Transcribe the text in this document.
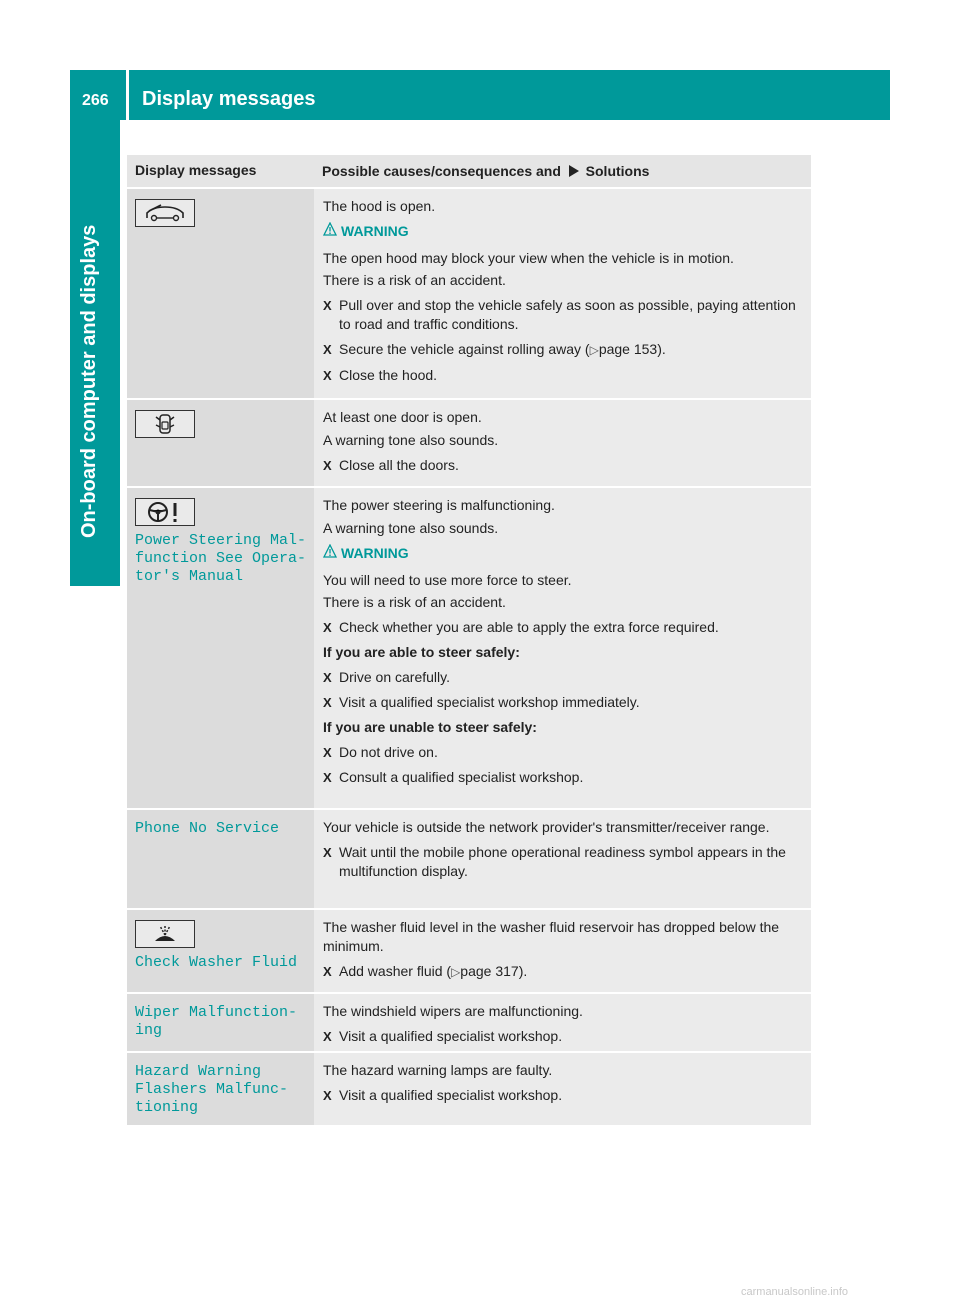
266 Display messages
On-board computer and displays
Display messages	Possible causes/consequences and Solutions

The hood is open.

WARNING

The open hood may block your view when the vehicle is in motion.

There is a risk of an accident.

X Pull over and stop the vehicle safely as soon as possible, paying attention to road and traffic conditions.
X Secure the vehicle against rolling away (▷page 153).
X Close the hood.

At least one door is open.

A warning tone also sounds.

X Close all the doors.
Power Steering Mal‐
function See Opera‐
tor's Manual

The power steering is malfunctioning.

A warning tone also sounds.

WARNING

You will need to use more force to steer.

There is a risk of an accident.

X Check whether you are able to apply the extra force required.
If you are able to steer safely:
X Drive on carefully.
X Visit a qualified specialist workshop immediately.
If you are unable to steer safely:
X Do not drive on.
X Consult a qualified specialist workshop.
Phone No Service	Your vehicle is outside the network provider's transmitter/receiver range.

X Wait until the mobile phone operational readiness symbol appears in the multifunction display.
Check Washer Fluid

The washer fluid level in the washer fluid reservoir has dropped below the minimum.

X Add washer fluid (▷page 317).
Wiper Malfunction‐
ing

The windshield wipers are malfunctioning.

X Visit a qualified specialist workshop.
Hazard Warning
Flashers Malfunc‐
tioning

The hazard warning lamps are faulty.

X Visit a qualified specialist workshop.
carmanualsonline.info
